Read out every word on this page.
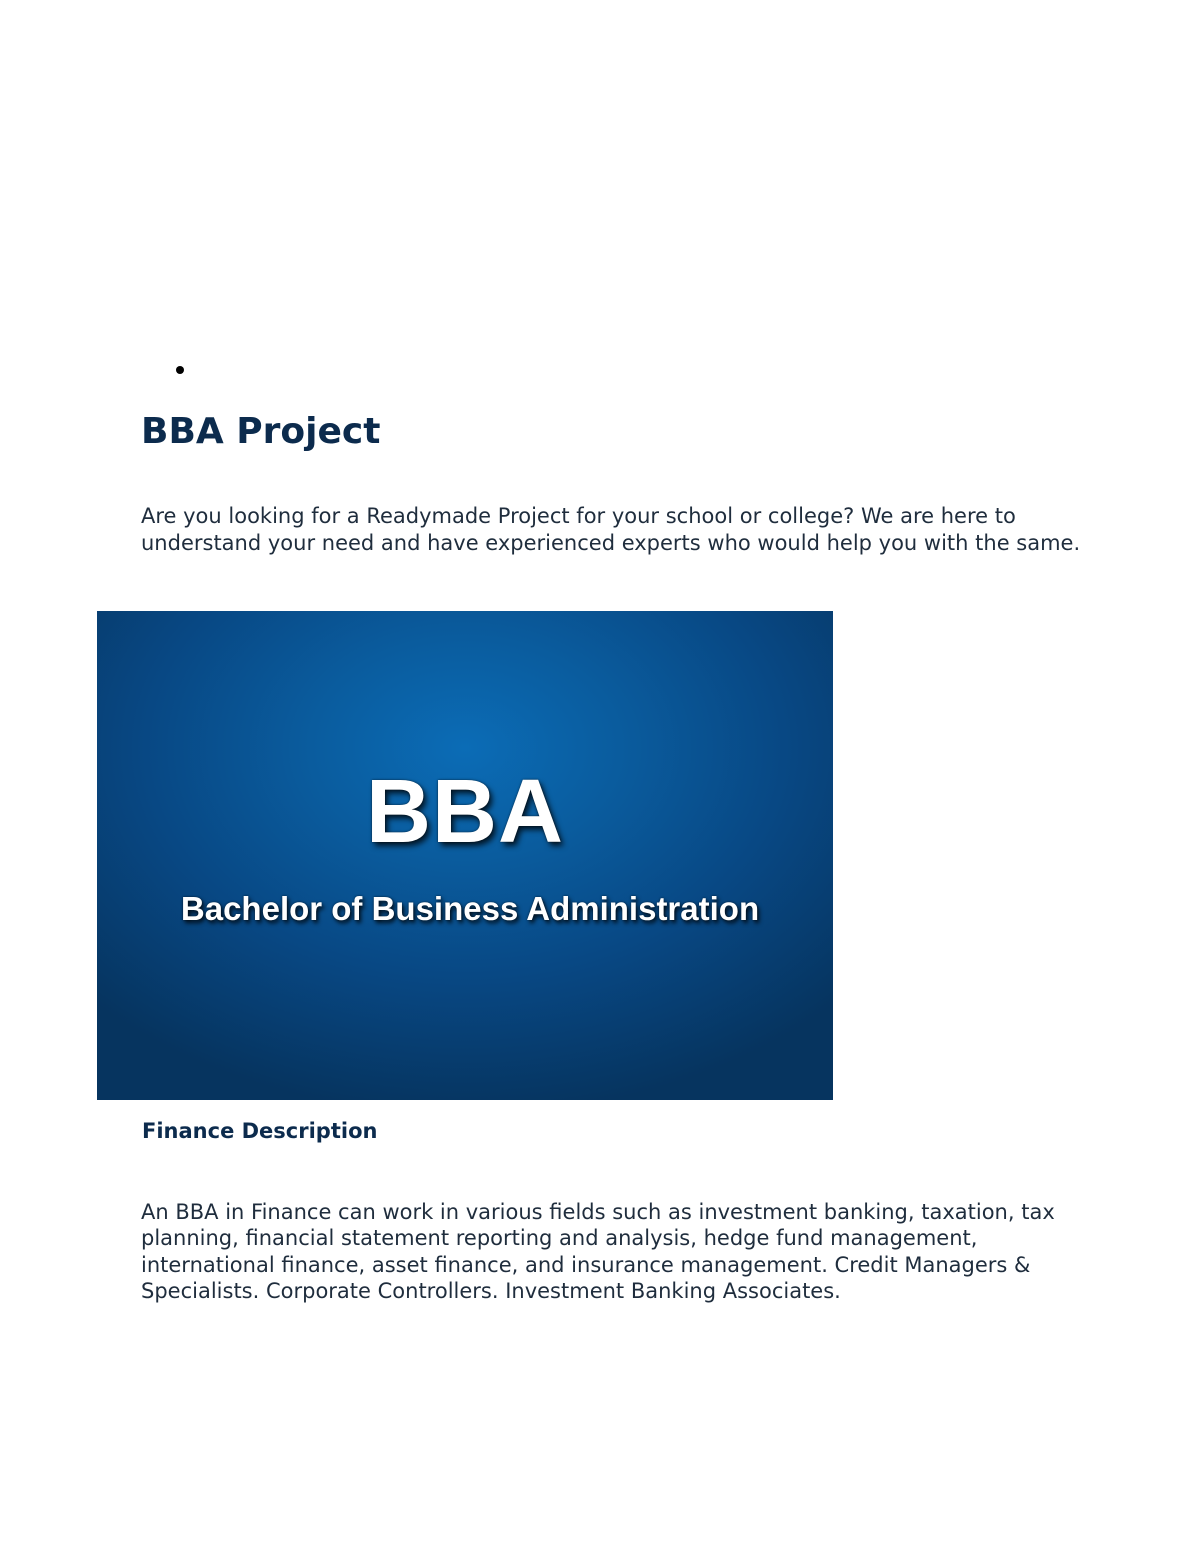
BBA Project

Are you looking for a Readymade Project for your school or college? We are here to understand your need and have experienced experts who would help you with the same.

BBA
Bachelor of Business Administration
Finance Description

An BBA in Finance can work in various fields such as investment banking, taxation, tax planning, financial statement reporting and analysis, hedge fund management, international finance, asset finance, and insurance management. Credit Managers & Specialists. Corporate Controllers. Investment Banking Associates.
